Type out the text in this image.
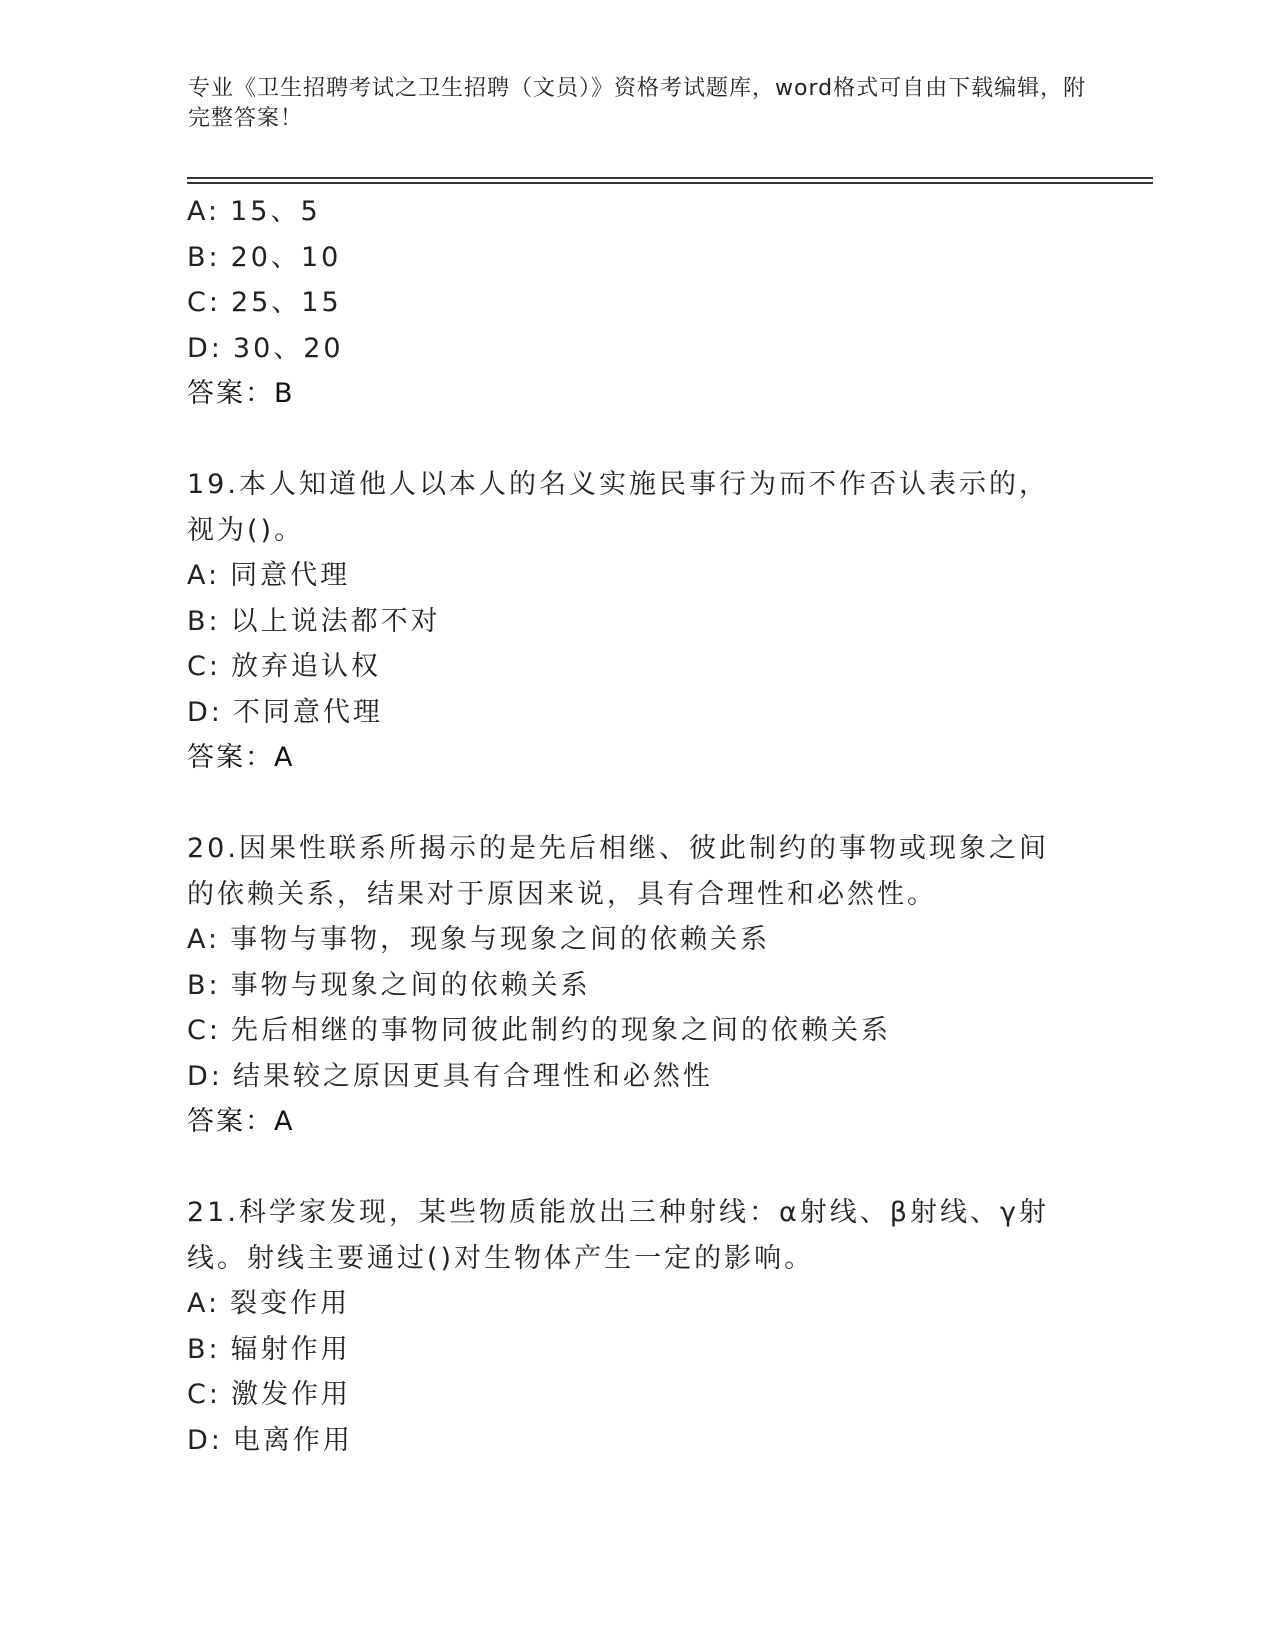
专业《卫生招聘考试之卫生招聘（文员）》资格考试题库，word格式可自由下载编辑，附完整答案！
A: 15、5
B: 20、10
C: 25、15
D: 30、20
答案：B
19.本人知道他人以本人的名义实施民事行为而不作否认表示的，视为()。
A: 同意代理
B: 以上说法都不对
C: 放弃追认权
D: 不同意代理
答案：A
20.因果性联系所揭示的是先后相继、彼此制约的事物或现象之间的依赖关系，结果对于原因来说，具有合理性和必然性。
A: 事物与事物，现象与现象之间的依赖关系
B: 事物与现象之间的依赖关系
C: 先后相继的事物同彼此制约的现象之间的依赖关系
D: 结果较之原因更具有合理性和必然性
答案：A
21.科学家发现，某些物质能放出三种射线：α射线、β射线、γ射线。射线主要通过()对生物体产生一定的影响。
A: 裂变作用
B: 辐射作用
C: 激发作用
D: 电离作用
